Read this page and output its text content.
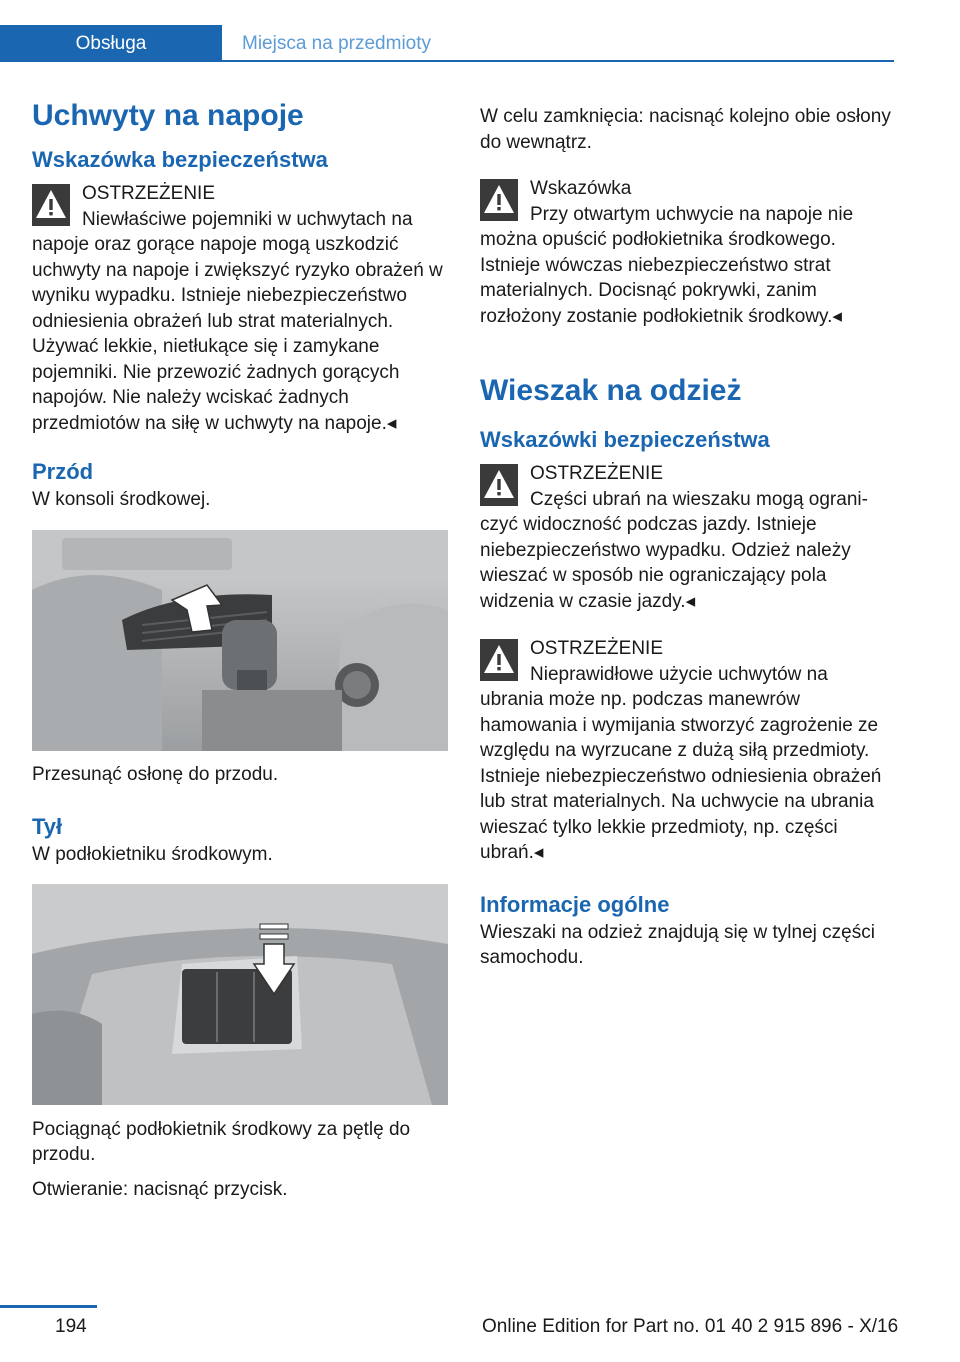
Obsługa	Miejsca na przedmioty
Uchwyty na napoje
Wskazówka bezpieczeństwa
OSTRZEŻENIE
Niewłaściwe pojemniki w uchwytach na

napoje oraz gorące napoje mogą uszkodzić uchwyty na napoje i zwiększyć ryzyko obrażeń w wyniku wypadku. Istnieje niebezpieczeństwo odniesienia obrażeń lub strat materialnych. Używać lekkie, nietłukące się i zamykane pojemniki. Nie przewozić żadnych gorących napojów. Nie należy wciskać żadnych przedmiotów na siłę w uchwyty na napoje.◂

Przód

W konsoli środkowej.

Przesunąć osłonę do przodu.

Tył

W podłokietniku środkowym.

Pociągnąć podłokietnik środkowy za pętlę do przodu.

Otwieranie: nacisnąć przycisk.

W celu zamknięcia: nacisnąć kolejno obie osłony do wewnątrz.

Wskazówka
Przy otwartym uchwycie na napoje nie

można opuścić podłokietnika środkowego. Istnieje wówczas niebezpieczeństwo strat materialnych. Docisnąć pokrywki, zanim rozłożony zostanie podłokietnik środkowy.◂

Wieszak na odzież
Wskazówki bezpieczeństwa
OSTRZEŻENIE
Części ubrań na wieszaku mogą ograni-

czyć widoczność podczas jazdy. Istnieje niebezpieczeństwo wypadku. Odzież należy wieszać w sposób nie ograniczający pola widzenia w czasie jazdy.◂

OSTRZEŻENIE
Nieprawidłowe użycie uchwytów na

ubrania może np. podczas manewrów hamowania i wymijania stworzyć zagrożenie ze względu na wyrzucane z dużą siłą przedmioty. Istnieje niebezpieczeństwo odniesienia obrażeń lub strat materialnych. Na uchwycie na ubrania wieszać tylko lekkie przedmioty, np. części ubrań.◂

Informacje ogólne

Wieszaki na odzież znajdują się w tylnej części samochodu.

194	Online Edition for Part no. 01 40 2 915 896 - X/16
